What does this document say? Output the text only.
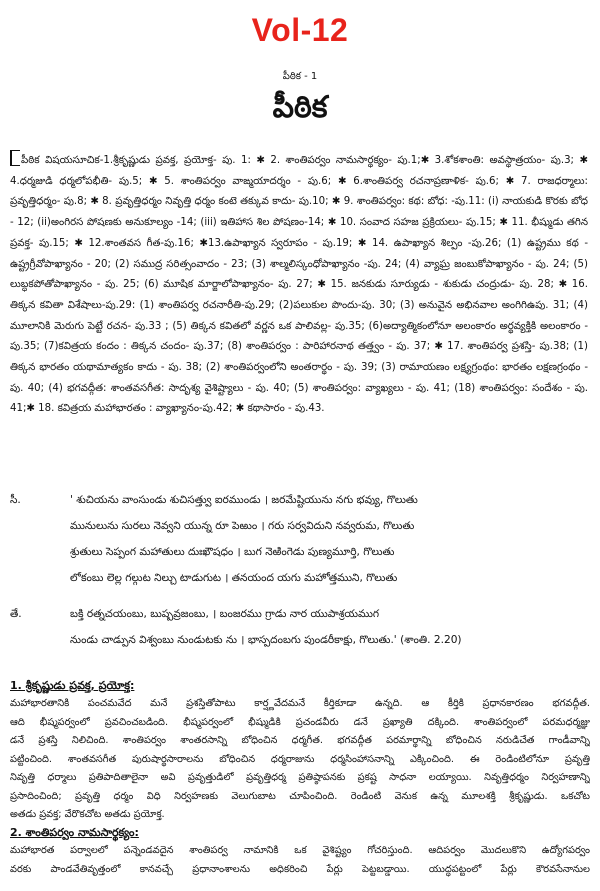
Vol-12
పీఠిక - 1
పీఠిక
పీఠిక విషయసూచిక-1.శ్రీకృష్ణుడు ప్రవక్త, ప్రయోక్త- పు. 1: ✱ 2. శాంతిపర్వం నామసార్థక్యం- పు.1;✱ 3.శోకశాంతి: అవస్థాత్రయం- పు.3; ✱ 4.ధర్మజుడి ధర్మలోపభీతి- పు.5; ✱ 5. శాంతిపర్వం వాఙ్మయాదర్శం - పు.6; ✱ 6.శాంతిపర్వ రచనాప్రణాళిక- పు.6; ✱ 7. రాజధర్మాలు: ప్రవృత్తిధర్మం- పు.8; ✱ 8. ప్రవృత్తిధర్మం నివృత్తి ధర్మం కంటె తక్కువ కాదు- పు.10; ✱ 9. శాంతిపర్వం: కథ: బోధ: -పు.11: (i) నాయకుడి కొరకు బోధ - 12; (ii)అంగిరస పోషణకు అనుకూల్యం -14; (iii) ఇతిహాస శిల పోషణం-14; ✱ 10. సంవాద సహజ ప్రక్రియలు- పు.15; ✱ 11. భీష్ముడు తగిన ప్రవక్త- పు.15; ✱ 12.శాంతవస గీత-పు.16; ✱13.ఉపాఖ్యాన స్వరూపం - పు.19; ✱ 14. ఉపాఖ్యాన శిల్పం -పు.26; (1) ఉష్ట్రము కథ - ఉష్ట్రగ్రీవోపాఖ్యానం - 20; (2) సముద్ర సరిత్సంవాదం - 23; (3) శాల్మలిస్కంధోపాఖ్యానం -పు. 24; (4) వ్యాఘ్ర జంబుకోపాఖ్యానం - పు. 24; (5) లుబ్ధకపోతోపాఖ్యానం - పు. 25; (6) మూషిక మార్జాలోపాఖ్యానం- పు. 27; ✱ 15. జనకుడు సూర్యుడు - శుకుడు చంద్రుడు- పు. 28; ✱ 16. తిక్కన కవితా విశేషాలు-పు.29: (1) శాంతిపర్వ రచనారీతి-పు.29; (2)పలుకుల పొందు-పు. 30; (3) అనువైన అభినవాల అంగిగిఉపు. 31; (4) మూలానికి మెరుగు పెట్టే రచన- పు.33 ; (5) తిక్కన కవితలో వర్ణన ఒక పాలివల్ల- పు.35; (6)అద్యాత్మికంలోనూ అలంకారం అర్థవ్యక్తికి అలంకారం - పు.35; (7)కవిత్రయ కందం : తిక్కన చందం- పు.37; (8) శాంతిపర్వం : పారిహారనాథ తత్త్వం - పు. 37; ✱ 17. శాంతిపర్వ ప్రశస్తి- పు.38; (1) తిక్కన భారతం యథామాత్యకం కాదు - పు. 38; (2) శాంతిపర్వంలోని అంతరార్థం - పు. 39; (3) రామాయణం లక్ష్యగ్రంథం: భారతం లక్షణగ్రంథం - పు. 40; (4) భగవద్గీత: శాంతవసగీత: సాదృశ్య వైశిష్ట్యాలు - పు. 40; (5) శాంతిపర్వం: వ్యాఖ్యలు - పు. 41; (18) శాంతిపర్వం: సందేశం - పు. 41;✱ 18. కవిత్రయ మహాభారతం : వ్యాఖ్యానం-పు.42; ✱ కథాసారం - పు.43.
సీ.	' శుచియను వాంసుండు శుచిసత్త్వు ఐరముండు । జరమేష్టియును నగు భవ్యు, గొలుతు
మునులును సురలు నెవ్వని యున్న రూ పెఱుం । గరు సర్వవిదుని నవ్వరుమ, గొలుతు
శ్రుతులు సెప్పంగ మహాతులు దుఃఖౌషధం । బుగ నెఱింగెడు పుణ్యమూర్తి, గొలుతు
లోకంబు లెల్ల గల్గుట నిల్చు టాడుగుట । తనయంద యగు మహోత్తముని, గొలుతు
తే.	బక్తి రత్నచయంబు, బుష్పవ్రజంబు, । బంజరము గ్రాడు నార యుపాశ్రయముగ
నుండు చాడ్పున విశ్వంబు నుండుటకు ను । భాస్పదంబగు పుండరీకాక్షు, గొలుతు.' (శాంతి. 2.20)
1. శ్రీకృష్ణుడు ప్రవక్త, ప్రయోక్త:
మహాభారతానికి పంచమవేద మనే ప్రశస్తితోపాటు కార్ష్ణవేదమనే కీర్తికూడా ఉన్నది. ఆ కీర్తికి ప్రధానకారణం భగవద్గీత.
ఆది భీష్మపర్వంలో ప్రవచించబడింది. భీష్మపర్వంలో భీష్ముడికి ప్రచండవీరు డనే ప్రఖ్యాతి దక్కింది. శాంతిపర్వంలో పరమధర్మజ్ఞు
డనే ప్రశస్తి నిలిచింది. శాంతిపర్వం శాంతరసాన్ని బోధించిన ధర్మగీత. భగవద్గీత పరమార్థాన్ని బోధించిన నరుడిచేత గాండీవాన్ని
పట్టించింది. శాంతవసగీత పురుషార్థసారాలను బోధించిన ధర్మరాజును ధర్మసింహాసనాన్ని ఎక్కించింది. ఈ రెండింటిలోనూ ప్రవృత్తి
నివృత్తి ధర్మాలు ప్రతిపాదితాలైనా అవి ప్రవృత్తుడిలో ప్రవృత్తిధర్మ ప్రతిష్ఠాపనకు ప్రకష్ట సాధనా లయ్యాయి. నివృత్తిధర్మం నిర్వహణాన్ని
ప్రసాదించింది; ప్రవృత్తి ధర్మం విధి నిర్వహణకు వెలుగుబాట చూపించింది. రెండింటి వెనుక ఉన్న మూలశక్తి శ్రీకృష్ణుడు. ఒకచోట
అతడు ప్రవక్త; వేరొకచోట అతడు ప్రయోక్త.
2. శాంతిపర్వం నామసార్థక్యం:
మహాభారత పర్వాలలో పన్నెండవదైన శాంతిపర్వ నామానికి ఒక వైశిష్ట్యం గోచరిస్తుంది. ఆదిపర్వం మొదలుకొని ఉద్యోగపర్వం
వరకు పాండవేతివృత్తంలో కానవచ్చే ప్రధానాంశాలను అధికరించి పేర్లు పెట్టబడ్డాయి. యుద్ధపట్టంలో పేర్లు కౌరవసేనానుల
